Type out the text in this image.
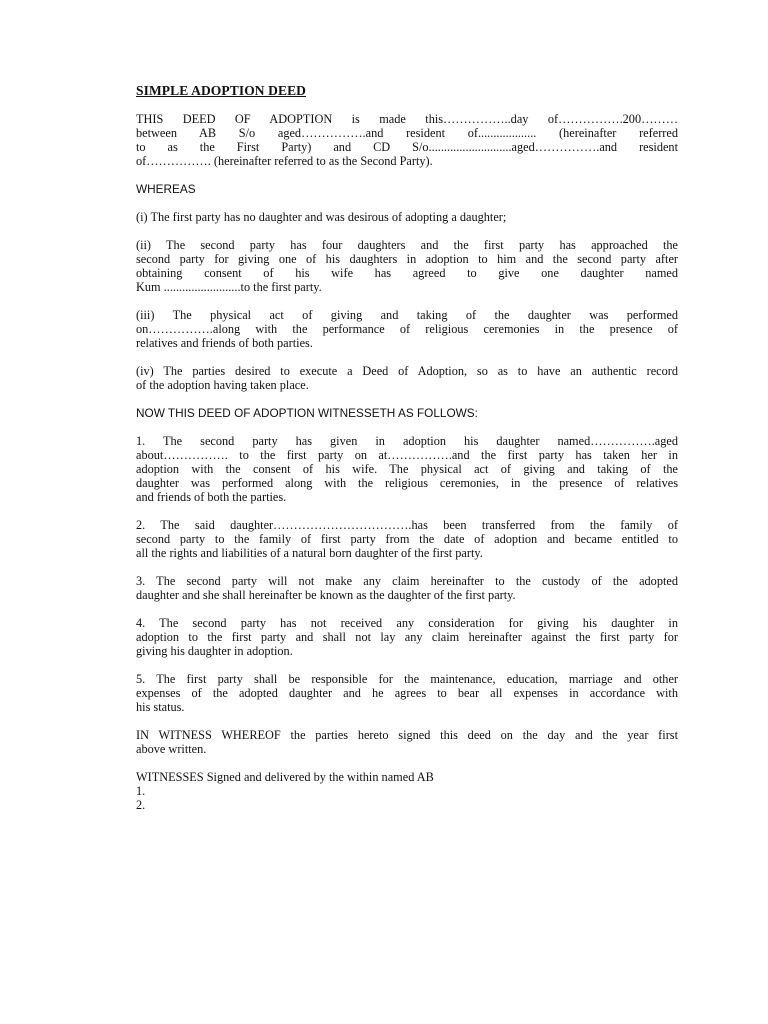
SIMPLE ADOPTION DEED
THIS DEED OF ADOPTION is made this……………..day of…………….200………
between AB S/o aged…………….and resident of................... (hereinafter referred
to as the First Party) and CD S/o...........................aged…………….and resident
of……………. (hereinafter referred to as the Second Party).
WHEREAS
(i) The first party has no daughter and was desirous of adopting a daughter;
(ii) The second party has four daughters and the first party has approached the
second party for giving one of his daughters in adoption to him and the second party after
obtaining consent of his wife has agreed to give one daughter named
Kum .........................to the first party.
(iii) The physical act of giving and taking of the daughter was performed
on…………….along with the performance of religious ceremonies in the presence of
relatives and friends of both parties.
(iv) The parties desired to execute a Deed of Adoption, so as to have an authentic record
of the adoption having taken place.
NOW THIS DEED OF ADOPTION WITNESSETH AS FOLLOWS:
1. The second party has given in adoption his daughter named…………….aged
about……………. to the first party on at…………….and the first party has taken her in
adoption with the consent of his wife. The physical act of giving and taking of the
daughter was performed along with the religious ceremonies, in the presence of relatives
and friends of both the parties.
2. The said daughter…………………………….has been transferred from the family of
second party to the family of first party from the date of adoption and became entitled to
all the rights and liabilities of a natural born daughter of the first party.
3. The second party will not make any claim hereinafter to the custody of the adopted
daughter and she shall hereinafter be known as the daughter of the first party.
4. The second party has not received any consideration for giving his daughter in
adoption to the first party and shall not lay any claim hereinafter against the first party for
giving his daughter in adoption.
5. The first party shall be responsible for the maintenance, education, marriage and other
expenses of the adopted daughter and he agrees to bear all expenses in accordance with
his status.
IN WITNESS WHEREOF the parties hereto signed this deed on the day and the year first
above written.
WITNESSES Signed and delivered by the within named AB
1.
2.
